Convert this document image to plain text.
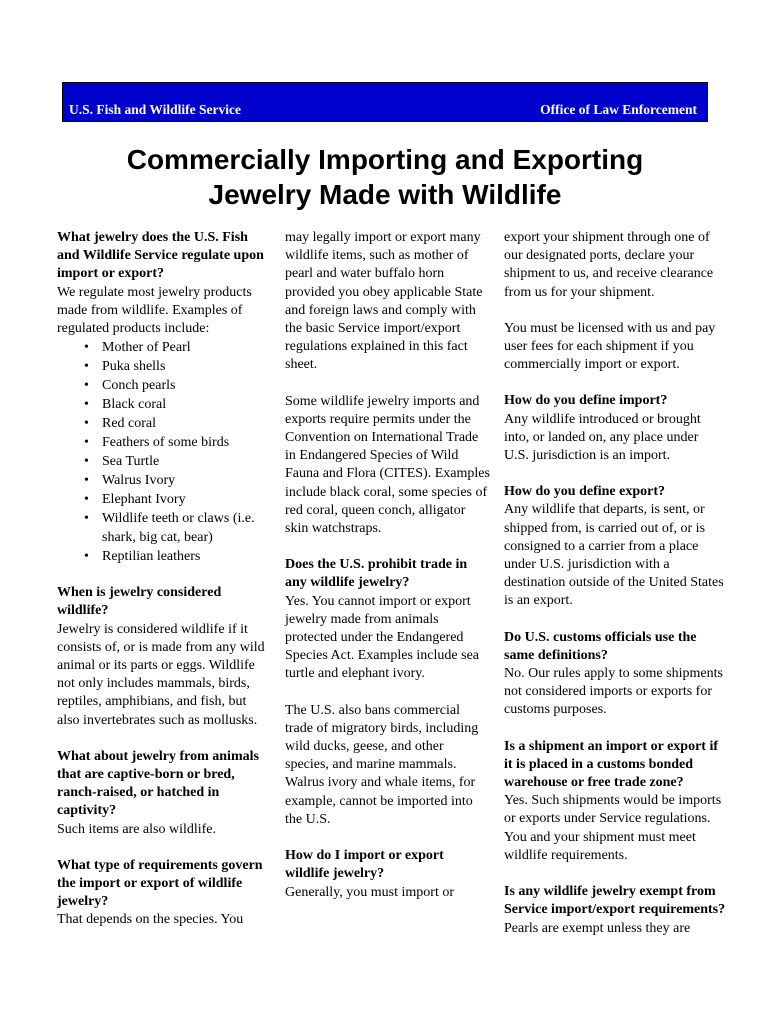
U.S. Fish and Wildlife Service	Office of Law Enforcement
Commercially Importing and Exporting
Jewelry Made with Wildlife

What jewelry does the U.S. Fish and Wildlife Service regulate upon import or export?
We regulate most jewelry products made from wildlife. Examples of regulated products include:

• Mother of Pearl
• Puka shells
• Conch pearls
• Black coral
• Red coral
• Feathers of some birds
• Sea Turtle
• Walrus Ivory
• Elephant Ivory
• Wildlife teeth or claws (i.e. shark, big cat, bear)
• Reptilian leathers

When is jewelry considered wildlife?
Jewelry is considered wildlife if it consists of, or is made from any wild animal or its parts or eggs. Wildlife not only includes mammals, birds, reptiles, amphibians, and fish, but also invertebrates such as mollusks.

What about jewelry from animals that are captive-born or bred, ranch-raised, or hatched in captivity?
Such items are also wildlife.

What type of requirements govern the import or export of wildlife jewelry?
That depends on the species. You

may legally import or export many wildlife items, such as mother of pearl and water buffalo horn provided you obey applicable State and foreign laws and comply with the basic Service import/export regulations explained in this fact sheet.

Some wildlife jewelry imports and exports require permits under the Convention on International Trade in Endangered Species of Wild Fauna and Flora (CITES). Examples include black coral, some species of red coral, queen conch, alligator skin watchstraps.

Does the U.S. prohibit trade in any wildlife jewelry?
Yes. You cannot import or export jewelry made from animals protected under the Endangered Species Act. Examples include sea turtle and elephant ivory.

The U.S. also bans commercial trade of migratory birds, including wild ducks, geese, and other species, and marine mammals. Walrus ivory and whale items, for example, cannot be imported into the U.S.

How do I import or export wildlife jewelry?
Generally, you must import or

export your shipment through one of our designated ports, declare your shipment to us, and receive clearance from us for your shipment.

You must be licensed with us and pay user fees for each shipment if you commercially import or export.

How do you define import?
Any wildlife introduced or brought into, or landed on, any place under U.S. jurisdiction is an import.

How do you define export?
Any wildlife that departs, is sent, or shipped from, is carried out of, or is consigned to a carrier from a place under U.S. jurisdiction with a destination outside of the United States is an export.

Do U.S. customs officials use the same definitions?
No. Our rules apply to some shipments not considered imports or exports for customs purposes.

Is a shipment an import or export if it is placed in a customs bonded warehouse or free trade zone?
Yes. Such shipments would be imports or exports under Service regulations. You and your shipment must meet wildlife requirements.

Is any wildlife jewelry exempt from Service import/export requirements?
Pearls are exempt unless they are
